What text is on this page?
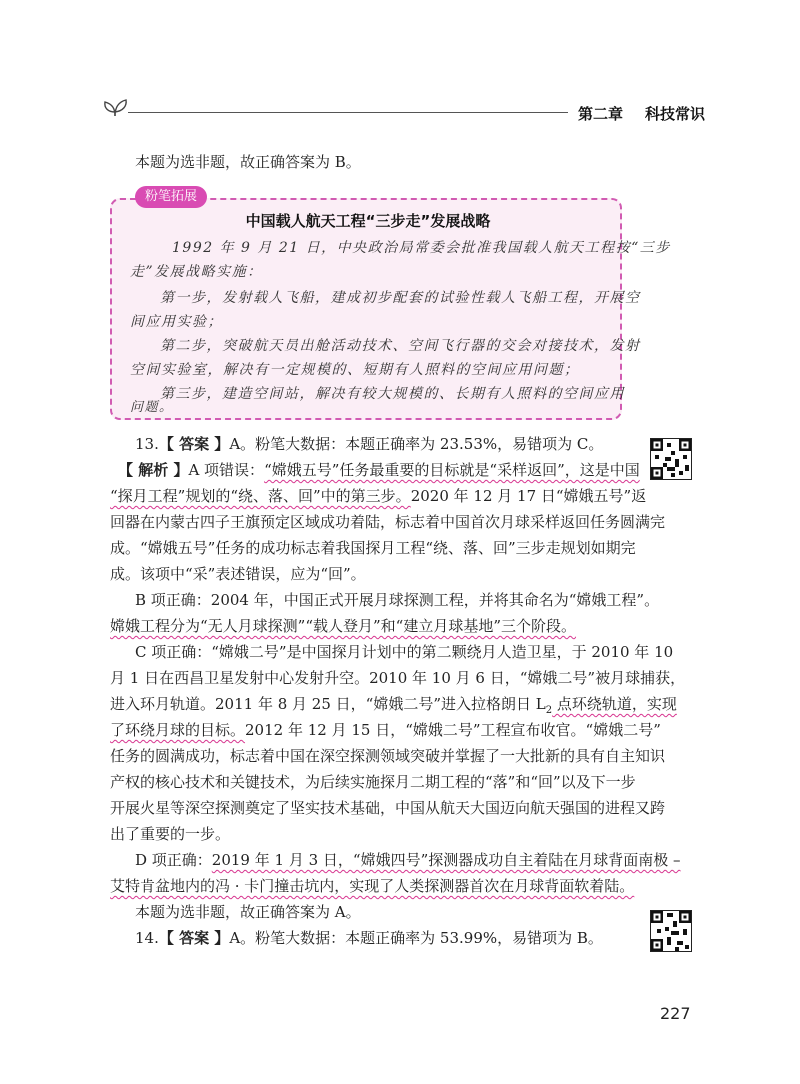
第二章 科技常识
本题为选非题，故正确答案为 B。
中国载人航天工程“三步走”发展战略
1992 年 9 月 21 日，中央政治局常委会批准我国载人航天工程按“三步
走”发展战略实施：
第一步，发射载人飞船，建成初步配套的试验性载人飞船工程，开展空
间应用实验；
第二步，突破航天员出舱活动技术、空间飞行器的交会对接技术，发射
空间实验室，解决有一定规模的、短期有人照料的空间应用问题；
第三步，建造空间站，解决有较大规模的、长期有人照料的空间应用
问题。
粉笔拓展
13.【 答案 】A。粉笔大数据：本题正确率为 23.53%，易错项为 C。
【 解析 】A 项错误：“嫦娥五号”任务最重要的目标就是“采样返回”，这是中国
“探月工程”规划的“绕、落、回”中的第三步。2020 年 12 月 17 日“嫦娥五号”返
回器在内蒙古四子王旗预定区域成功着陆，标志着中国首次月球采样返回任务圆满完
成。“嫦娥五号”任务的成功标志着我国探月工程“绕、落、回”三步走规划如期完
成。该项中“采”表述错误，应为“回”。
B 项正确：2004 年，中国正式开展月球探测工程，并将其命名为“嫦娥工程”。
嫦娥工程分为“无人月球探测”“载人登月”和“建立月球基地”三个阶段。
C 项正确：“嫦娥二号”是中国探月计划中的第二颗绕月人造卫星，于 2010 年 10
月 1 日在西昌卫星发射中心发射升空。2010 年 10 月 6 日，“嫦娥二号”被月球捕获，
进入环月轨道。2011 年 8 月 25 日，“嫦娥二号”进入拉格朗日 $L_2$ 点环绕轨道，实现
了环绕月球的目标。2012 年 12 月 15 日，“嫦娥二号”工程宣布收官。“嫦娥二号”
任务的圆满成功，标志着中国在深空探测领域突破并掌握了一大批新的具有自主知识
产权的核心技术和关键技术，为后续实施探月二期工程的“落”和“回”以及下一步
开展火星等深空探测奠定了坚实技术基础，中国从航天大国迈向航天强国的进程又跨
出了重要的一步。
D 项正确：2019 年 1 月 3 日，“嫦娥四号”探测器成功自主着陆在月球背面南极 –
艾特肯盆地内的冯 · 卡门撞击坑内，实现了人类探测器首次在月球背面软着陆。
本题为选非题，故正确答案为 A。
14.【 答案 】A。粉笔大数据：本题正确率为 53.99%，易错项为 B。
227
